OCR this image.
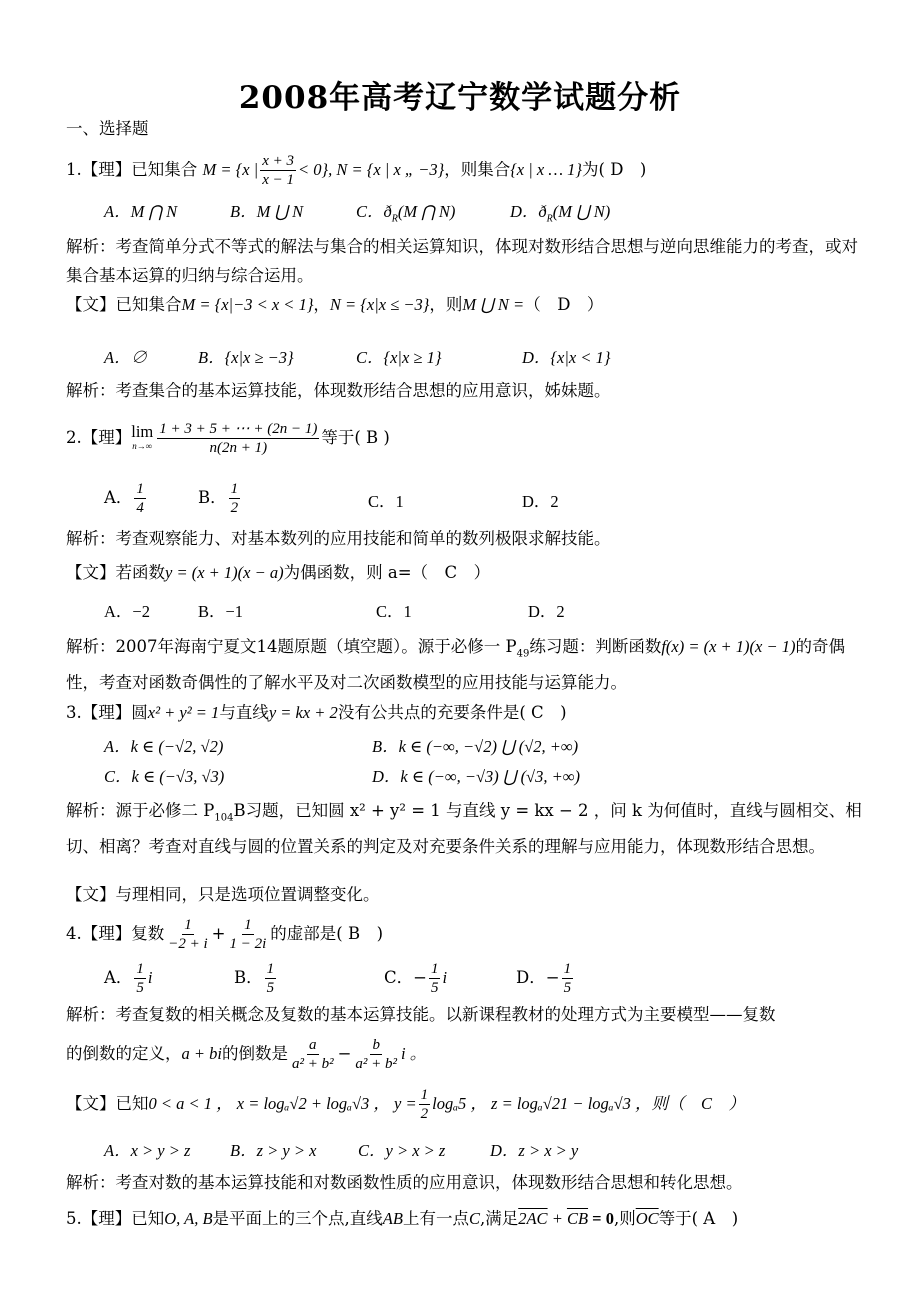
2008年高考辽宁数学试题分析
一、选择题
1.【理】已知集合 M = {x | $\frac{x + 3}{x - 1} < 0$}, N = {x | x „ −3}，则集合{x | x … 1}为( D　)
A．M ⋂ N	B．M ⋃ N	C．$ð_R(M$ ⋂ N)	D．$ð_R(M$ ⋃ N)
解析：考查简单分式不等式的解法与集合的相关运算知识，体现对数形结合思想与逆向思维能力的考查，或对集合基本运算的归纳与综合运用。
【文】已知集合M = {x|−3 < x < 1}，N = {x|x ≤ −3}，则M ⋃ N =（　D　）
A．∅	B．{x|x ≥ −3}	C．{x|x ≥ 1}	D．{x|x < 1}
解析：考查集合的基本运算技能，体现数形结合思想的应用意识，姊妹题。
2.【理】 lim
$n\to\infty \frac{1 + 3 + 5 + \cdots + (2n - 1)}{n(2n + 1)}$ 等于( B )
A． $\frac{1}{4}$	B． $\frac{1}{2}$	C．1	D．2
解析：考查观察能力、对基本数列的应用技能和简单的数列极限求解技能。
【文】若函数y = (x + 1)(x − a)为偶函数，则 a=（　C　）
A．−2	B．−1	C．1	D．2
解析：2007年海南宁夏文14题原题（填空题）。源于必修一 $P_{49}$练习题：判断函数f(x) = (x + 1)(x − 1)的奇偶性，考查对函数奇偶性的了解水平及对二次函数模型的应用技能与运算能力。
3.【理】圆x² + y² = 1与直线y = kx + 2没有公共点的充要条件是( C　)
A．k ∈ (−√2, √2)	B．k ∈ (−∞, −√2) ⋃ (√2, +∞)
C．k ∈ (−√3, √3)	D．k ∈ (−∞, −√3) ⋃ (√3, +∞)
解析：源于必修二 $P_{104}B$习题，已知圆 x² + y² = 1 与直线 y = kx − 2 ，问 k 为何值时，直线与圆相交、相切、相离？考查对直线与圆的位置关系的判定及对充要条件关系的理解与应用能力，体现数形结合思想。
【文】与理相同，只是选项位置调整变化。
4.【理】复数 $\frac{1}{-2 + i} + \frac{1}{1 - 2i}$ 的虚部是( B　)
A． $\frac{1}{5}$ i	B． $\frac{1}{5}$	C．− $\frac{1}{5}$ i	D．− $\frac{1}{5}$
解析：考查复数的相关概念及复数的基本运算技能。以新课程教材的处理方式为主要模型——复数
的倒数的定义，a + bi的倒数是 $\frac{a}{\text{a² + b²}} - \frac{b}{\text{a² + b²}}$ i 。
【文】已知0 < a < 1 ， x = logₐ√2 + logₐ√3 ， $y = \frac{1}{2} \log_a5$ ， z = logₐ√21 − logₐ√3 ，则（　C　）
A．x > y > z B．z > y > x	C．y > x > z	D．z > x > y
解析：考查对数的基本运算技能和对数函数性质的应用意识，体现数形结合思想和转化思想。
5.【理】已知O, A, B是平面上的三个点,直线AB上有一点C,满足$2AC + \overline{CB} = 0$,则$\overline{OC}$等于( A　)
